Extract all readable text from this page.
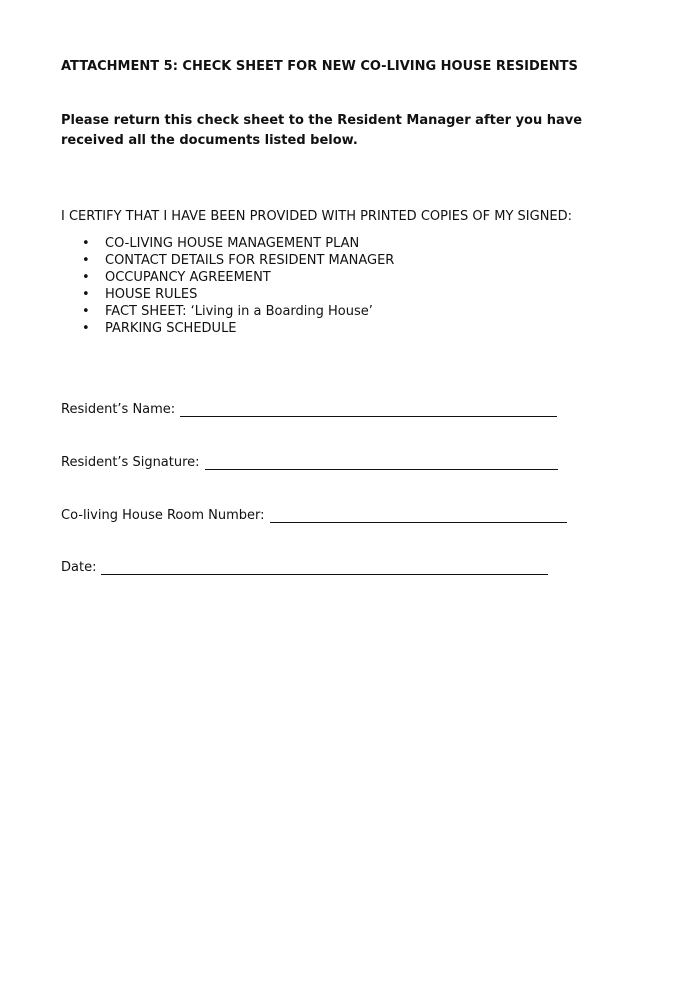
ATTACHMENT 5: CHECK SHEET FOR NEW CO-LIVING HOUSE RESIDENTS

Please return this check sheet to the Resident Manager after you have received all the documents listed below.

I CERTIFY THAT I HAVE BEEN PROVIDED WITH PRINTED COPIES OF MY SIGNED:

• CO-LIVING HOUSE MANAGEMENT PLAN
• CONTACT DETAILS FOR RESIDENT MANAGER
• OCCUPANCY AGREEMENT
• HOUSE RULES
• FACT SHEET: ‘Living in a Boarding House’
• PARKING SCHEDULE
Resident’s Name:
Resident’s Signature:
Co-living House Room Number:
Date:
